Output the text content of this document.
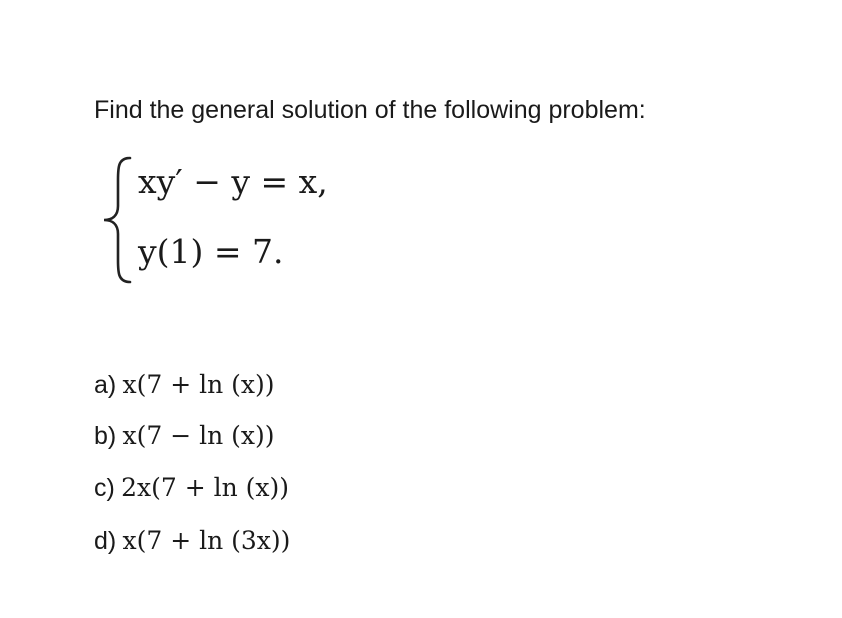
Find the general solution of the following problem:
xy′ − y = x,
y(1) = 7.
a) x(7 + ln (x))
b) x(7 − ln (x))
c) 2x(7 + ln (x))
d) x(7 + ln (3x))
